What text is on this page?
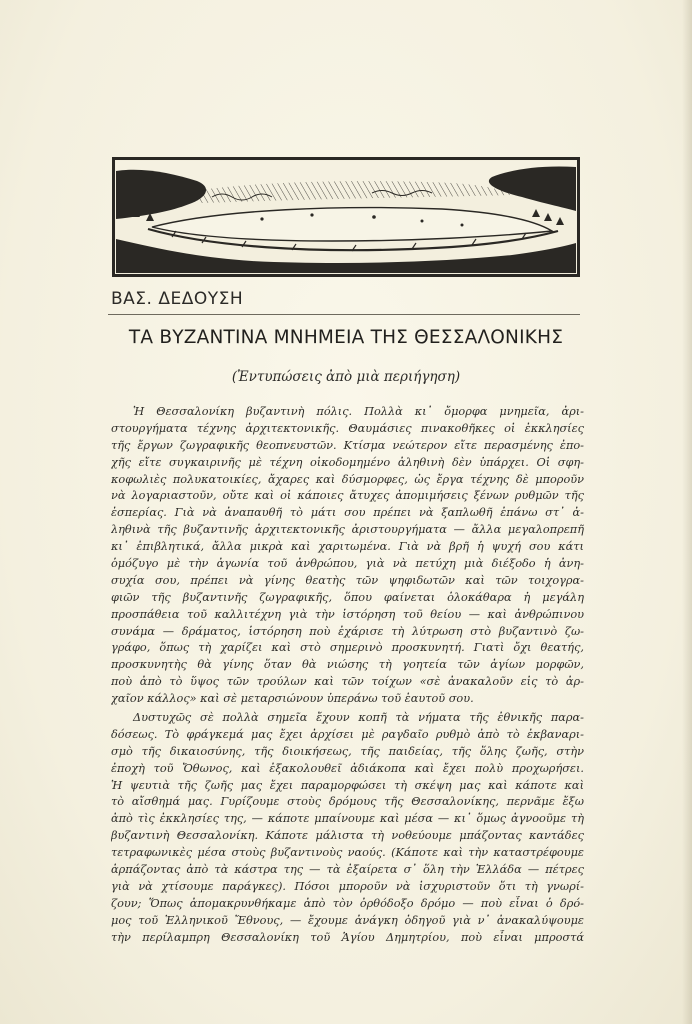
ΒΑΣ. ΔΕΔΟΥΣΗ
ΤΑ ΒΥΖΑΝΤΙΝΑ ΜΝΗΜΕΙΑ ΤΗΣ ΘΕΣΣΑΛΟΝΙΚΗΣ
(Ἐντυπώσεις ἀπὸ μιὰ περιήγηση)
Ἡ Θεσσαλονίκη βυζαντινὴ πόλις. Πολλὰ κι᾿ ὄμορφα μνημεῖα, ἀρι-
στουργήματα τέχνης ἀρχιτεκτονικῆς. Θαυμάσιες πινακοθῆκες οἱ ἐκκλησίες
τῆς ἔργων ζωγραφικῆς θεοπνευστῶν. Κτίσμα νεώτερον εἴτε περασμένης ἐπο-
χῆς εἴτε συγκαιρινῆς μὲ τέχνη οἰκοδομημένο ἀληθινὴ δὲν ὑπάρχει. Οἱ σφη-
κοφωλιὲς πολυκατοικίες, ἄχαρες καὶ δύσμορφες, ὡς ἔργα τέχνης δὲ μποροῦν
νὰ λογαριαστοῦν, οὔτε καὶ οἱ κάποιες ἄτυχες ἀπομιμήσεις ξένων ρυθμῶν τῆς
ἑσπερίας. Γιὰ νὰ ἀναπαυθῆ τὸ μάτι σου πρέπει νὰ ξαπλωθῆ ἐπάνω στ᾿ ἀ-
ληθινὰ τῆς βυζαντινῆς ἀρχιτεκτονικῆς ἀριστουργήματα — ἄλλα μεγαλοπρεπῆ
κι᾿ ἐπιβλητικά, ἄλλα μικρὰ καὶ χαριτωμένα. Γιὰ νὰ βρῆ ἡ ψυχή σου κάτι
ὁμόζυγο μὲ τὴν ἀγωνία τοῦ ἀνθρώπου, γιὰ νὰ πετύχη μιὰ διέξοδο ἡ ἀνη-
συχία σου, πρέπει νὰ γίνης θεατὴς τῶν ψηφιδωτῶν καὶ τῶν τοιχογρα-
φιῶν τῆς βυζαντινῆς ζωγραφικῆς, ὅπου φαίνεται ὁλοκάθαρα ἡ μεγάλη
προσπάθεια τοῦ καλλιτέχνη γιὰ τὴν ἱστόρηση τοῦ θείου — καὶ ἀνθρώπινου
συνάμα — δράματος, ἱστόρηση ποὺ ἐχάρισε τὴ λύτρωση στὸ βυζαντινὸ ζω-
γράφο, ὅπως τὴ χαρίζει καὶ στὸ σημερινὸ προσκυνητή. Γιατὶ ὄχι θεατής,
προσκυνητὴς θὰ γίνης ὅταν θὰ νιώσης τὴ γοητεία τῶν ἁγίων μορφῶν,
ποὺ ἀπὸ τὸ ὕψος τῶν τρούλων καὶ τῶν τοίχων «σὲ ἀνακαλοῦν εἰς τὸ ἀρ-
χαῖον κάλλος» καὶ σὲ μεταρσιώνουν ὑπεράνω τοῦ ἑαυτοῦ σου.
Δυστυχῶς σὲ πολλὰ σημεῖα ἔχουν κοπῆ τὰ νήματα τῆς ἐθνικῆς παρα-
δόσεως. Τὸ φράγκεμά μας ἔχει ἀρχίσει μὲ ραγδαῖο ρυθμὸ ἀπὸ τὸ ἐκβαναρι-
σμὸ τῆς δικαιοσύνης, τῆς διοικήσεως, τῆς παιδείας, τῆς ὅλης ζωῆς, στὴν
ἐποχὴ τοῦ Ὄθωνος, καὶ ἐξακολουθεῖ ἀδιάκοπα καὶ ἔχει πολὺ προχωρήσει.
Ἡ ψευτιὰ τῆς ζωῆς μας ἔχει παραμορφώσει τὴ σκέψη μας καὶ κάποτε καὶ
τὸ αἴσθημά μας. Γυρίζουμε στοὺς δρόμους τῆς Θεσσαλονίκης, περνᾶμε ἔξω
ἀπὸ τὶς ἐκκλησίες της, — κάποτε μπαίνουμε καὶ μέσα — κι᾿ ὅμως ἀγνοοῦμε τὴ
βυζαντινὴ Θεσσαλονίκη. Κάποτε μάλιστα τὴ νοθεύουμε μπάζοντας καντάδες
τετραφωνικὲς μέσα στοὺς βυζαντινοὺς ναούς. (Κάποτε καὶ τὴν καταστρέφουμε
ἁρπάζοντας ἀπὸ τὰ κάστρα της — τὰ ἐξαίρετα σ᾿ ὅλη τὴν Ἑλλάδα — πέτρες
γιὰ νὰ χτίσουμε παράγκες). Πόσοι μποροῦν νὰ ἰσχυριστοῦν ὅτι τὴ γνωρί-
ζουν; Ὅπως ἀπομακρυνθήκαμε ἀπὸ τὸν ὀρθόδοξο δρόμο — ποὺ εἶναι ὁ δρό-
μος τοῦ Ἑλληνικοῦ Ἔθνους, — ἔχουμε ἀνάγκη ὁδηγοῦ γιὰ ν᾿ ἀνακαλύψουμε
τὴν περίλαμπρη Θεσσαλονίκη τοῦ Ἁγίου Δημητρίου, ποὺ εἶναι μπροστά
